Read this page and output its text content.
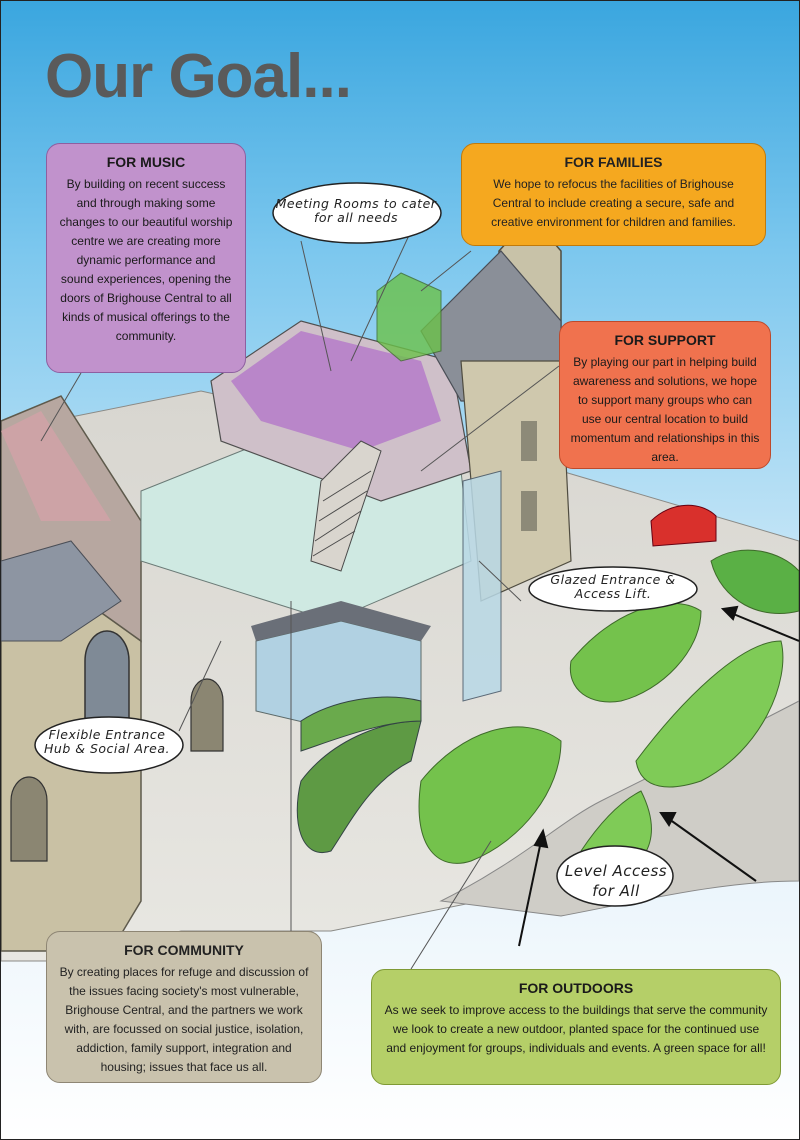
Our Goal...
FOR MUSIC

By building on recent success and through making some changes to our beautiful worship centre we are creating more dynamic performance and sound experiences, opening the doors of Brighouse Central to all kinds of musical offerings to the community.

FOR FAMILIES

We hope to refocus the facilities of Brighouse Central to include creating a secure, safe and creative environment for children and families.

FOR SUPPORT

By playing our part in helping build awareness and solutions, we hope to support many groups who can use our central location to build momentum and relationships in this area.

FOR COMMUNITY

By creating places for refuge and discussion of the issues facing society's most vulnerable, Brighouse Central, and the partners we work with, are focussed on social justice, isolation, addiction, family support, integration and housing; issues that face us all.

FOR OUTDOORS

As we seek to improve access to the buildings that serve the community we look to create a new outdoor, planted space for the continued use and enjoyment for groups, individuals and events. A green space for all!

Meeting Rooms to cater for all needs
Glazed Entrance & Access Lift.
Flexible Entrance Hub & Social Area.
Level Access for All
